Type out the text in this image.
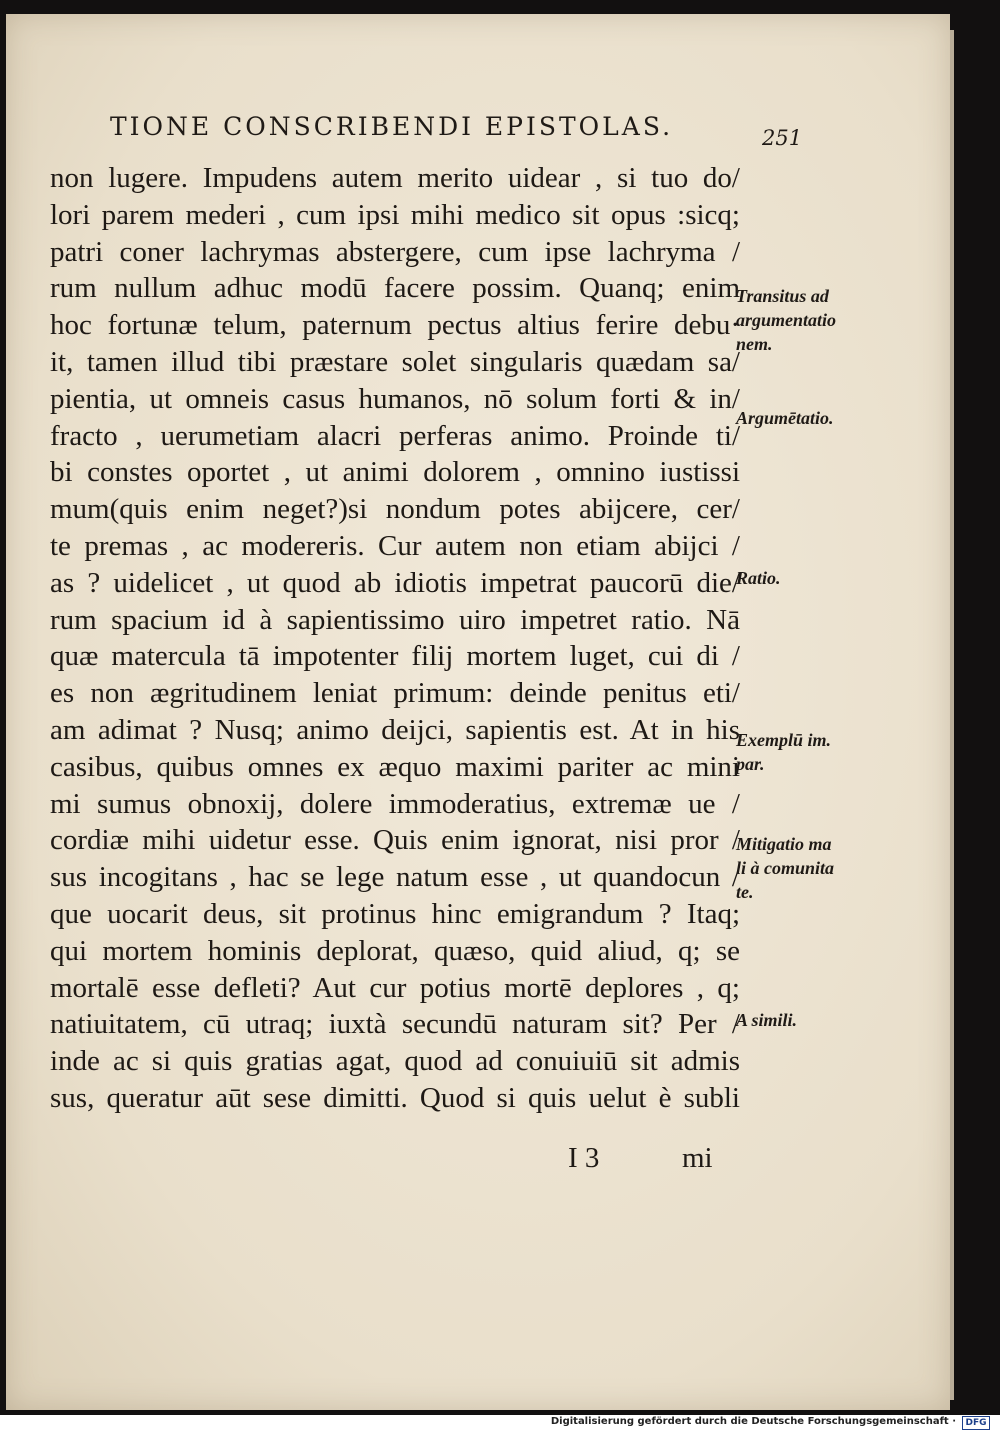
TIONE CONSCRIBENDI EPISTOLAS.	251
non lugere. Impudens autem merito uidear , si tuo do/
lori parem mederi , cum ipsi mihi medico sit opus :sicq;
patri coner lachrymas abstergere, cum ipse lachryma /
rum nullum adhuc modū facere possim. Quanq; enim
hoc fortunæ telum, paternum pectus altius ferire debu·
it, tamen illud tibi præstare solet singularis quædam sa/
pientia, ut omneis casus humanos, nō solum forti & in/
fracto , uerumetiam alacri perferas animo. Proinde ti/
bi constes oportet , ut animi dolorem , omnino iustissi
mum(quis enim neget?)si nondum potes abijcere, cer/
te premas , ac modereris. Cur autem non etiam abijci /
as ? uidelicet , ut quod ab idiotis impetrat paucorū die/
rum spacium id à sapientissimo uiro impetret ratio. Nā
quæ matercula tā impotenter filij mortem luget, cui di /
es non ægritudinem leniat primum: deinde penitus eti/
am adimat ? Nusq; animo deijci, sapientis est. At in his
casibus, quibus omnes ex æquo maximi pariter ac mini
mi sumus obnoxij, dolere immoderatius, extremæ ue /
cordiæ mihi uidetur esse. Quis enim ignorat, nisi pror /
sus incogitans , hac se lege natum esse , ut quandocun /
que uocarit deus, sit protinus hinc emigrandum ? Itaq;
qui mortem hominis deplorat, quæso, quid aliud, q; se
mortalē esse defleti? Aut cur potius mortē deplores , q;
natiuitatem, cū utraq; iuxtà secundū naturam sit? Per /
inde ac si quis gratias agat, quod ad conuiuiū sit admis
sus, queratur aūt sese dimitti. Quod si quis uelut è subli
I 3	mi
Transitus ad
argumentatio
nem.
Argumētatio.
Ratio.
Exemplū im.
par.
Mitigatio ma
li à comunita
te.
A simili.
Digitalisierung gefördert durch die Deutsche Forschungsgemeinschaft ·	DFG
